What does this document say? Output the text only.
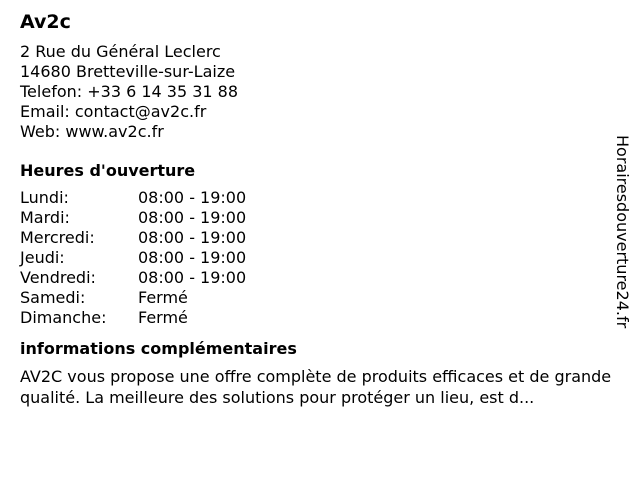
Av2c
2 Rue du Général Leclerc
14680 Bretteville-sur-Laize
Telefon: +33 6 14 35 31 88
Email: contact@av2c.fr
Web: www.av2c.fr
Heures d'ouverture
Lundi:	08:00 - 19:00
Mardi:	08:00 - 19:00
Mercredi:	08:00 - 19:00
Jeudi:	08:00 - 19:00
Vendredi:	08:00 - 19:00
Samedi:	Fermé
Dimanche:	Fermé
informations complémentaires
AV2C vous propose une offre complète de produits efficaces et de grande qualité. La meilleure des solutions pour protéger un lieu, est d...
Horairesdouverture24.fr
